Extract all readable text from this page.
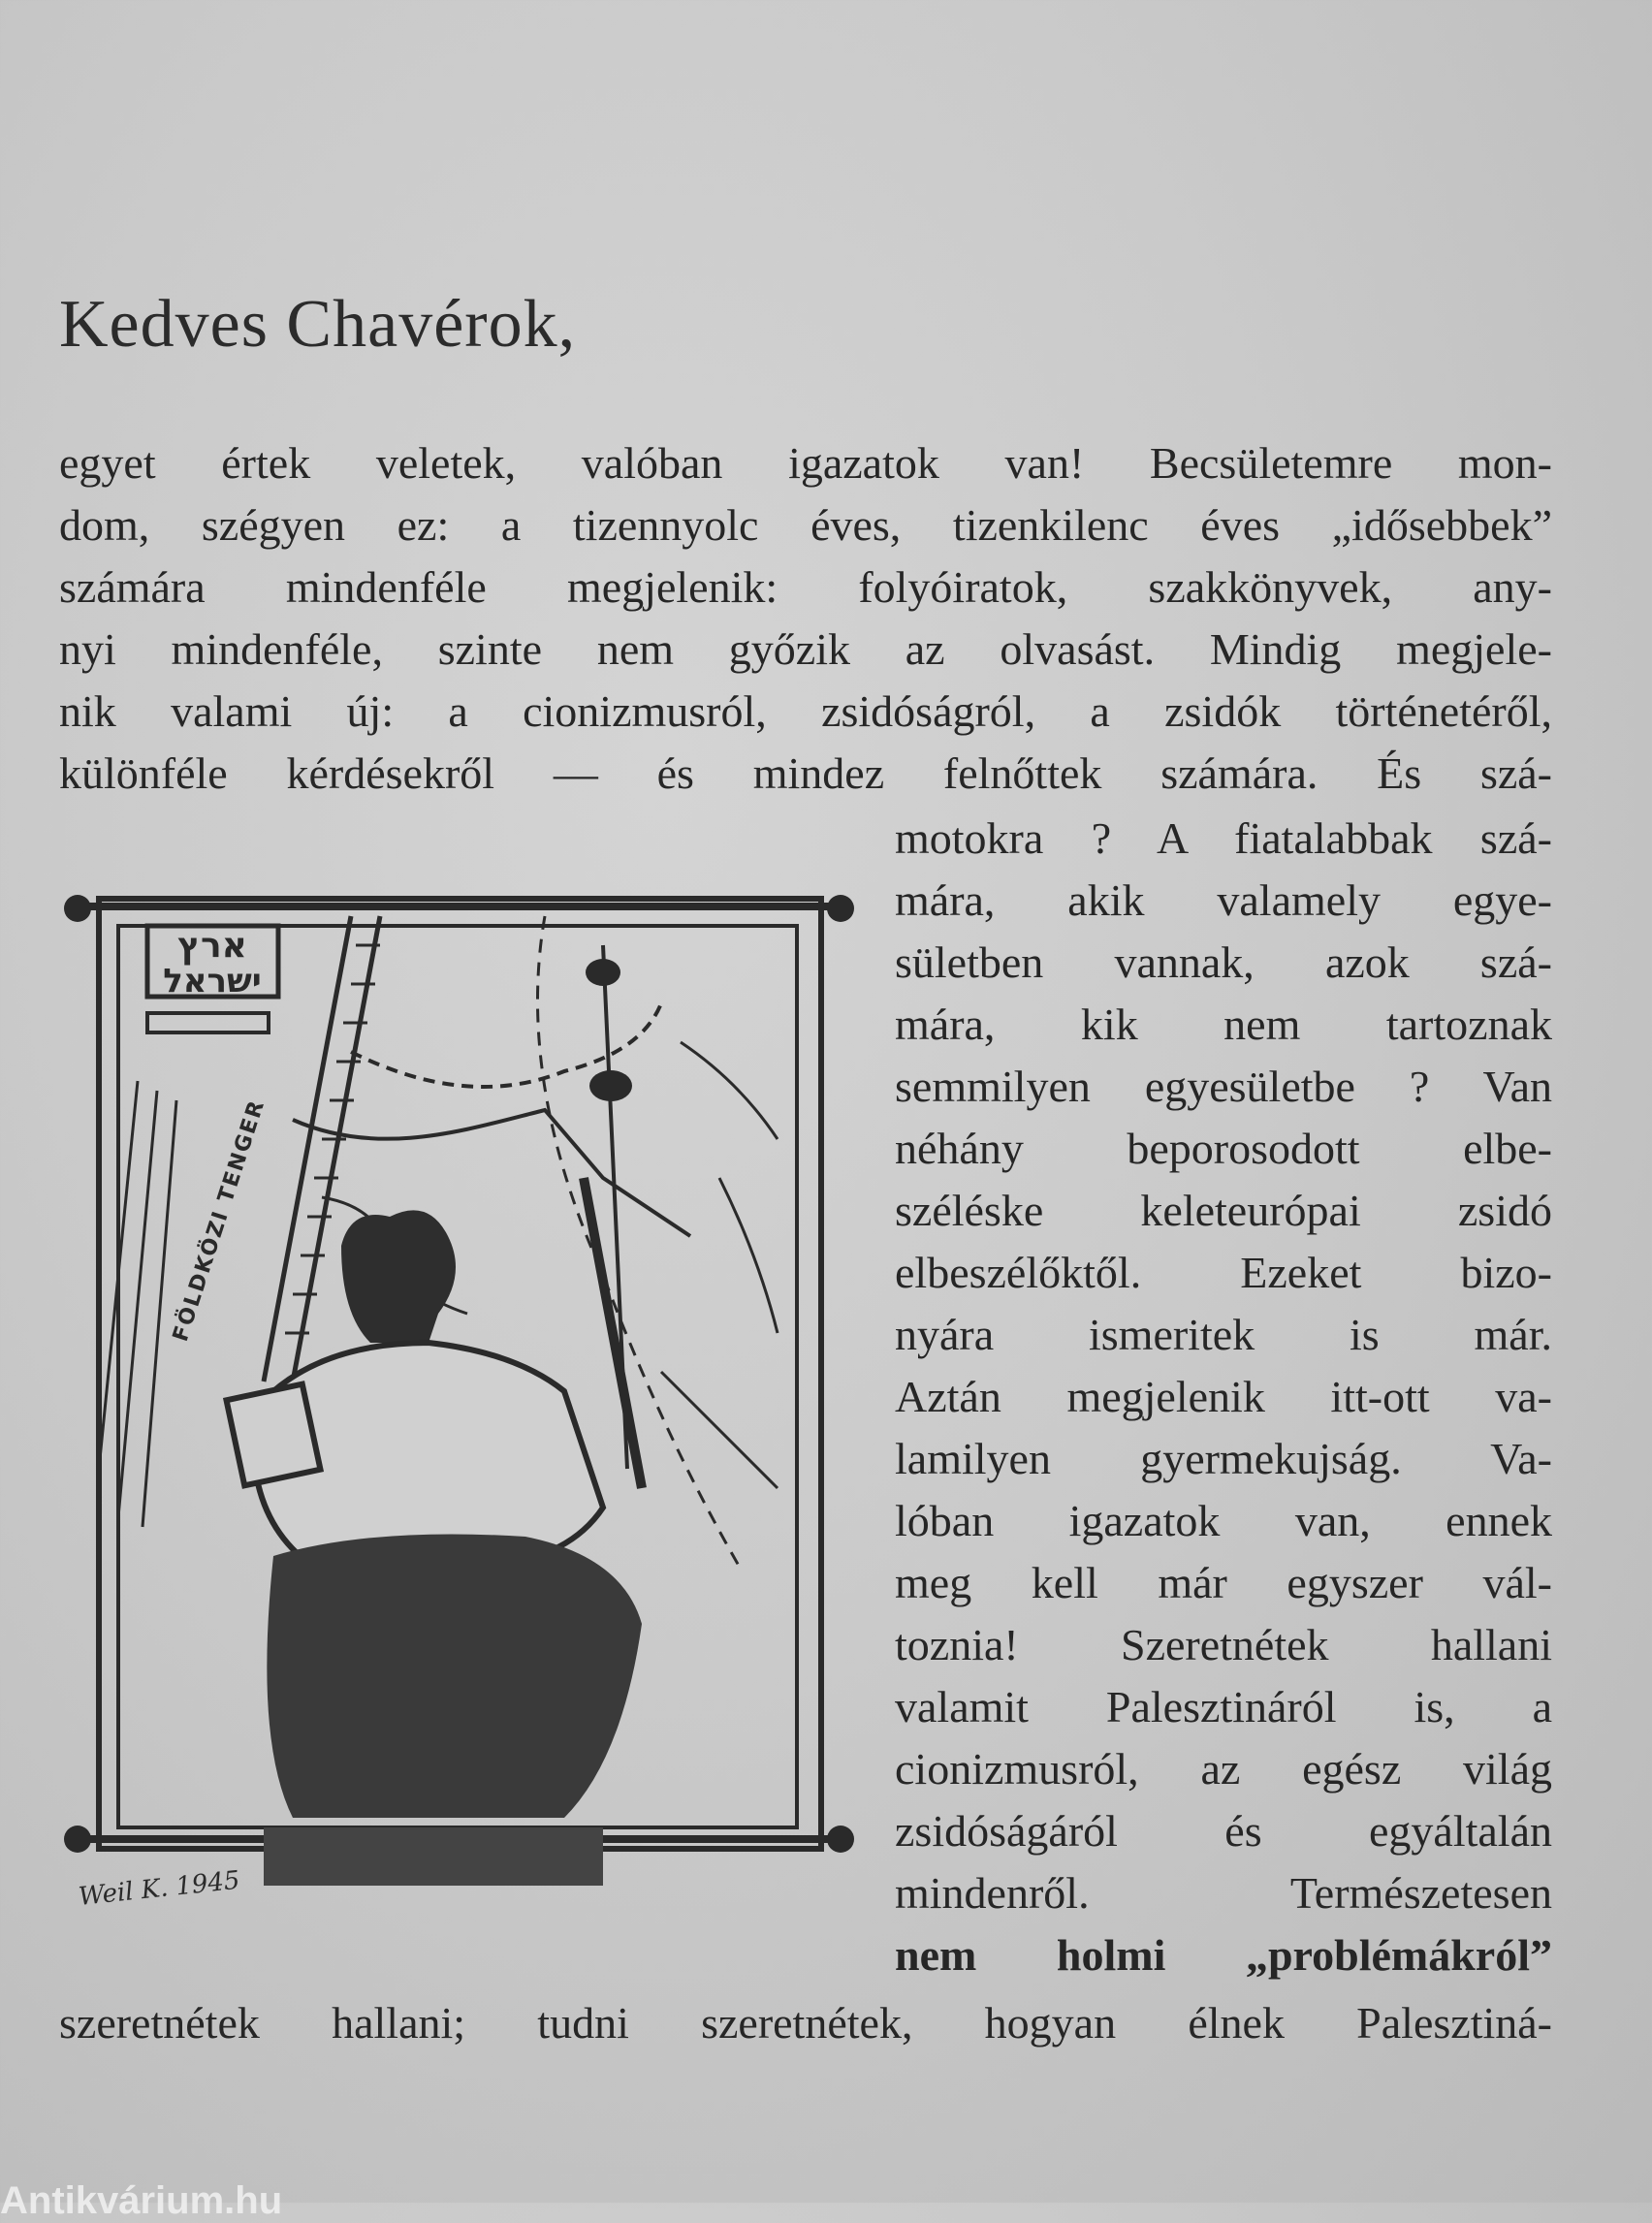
Kedves Chavérok,
egyet értek veletek, valóban igazatok van! Becsületemre mon-
dom, szégyen ez: a tizennyolc éves, tizenkilenc éves „idősebbek”
számára mindenféle megjelenik: folyóiratok, szakkönyvek, any-
nyi mindenféle, szinte nem győzik az olvasást. Mindig megjele-
nik valami új: a cionizmusról, zsidóságról, a zsidók történetéről,
különféle kérdésekről — és mindez felnőttek számára. És szá-
motokra ? A fiatalabbak szá-
mára, akik valamely egye-
sületben vannak, azok szá-
mára, kik nem tartoznak
semmilyen egyesületbe ? Van
néhány beporosodott elbe-
széléske keleteurópai zsidó
elbeszélőktől. Ezeket bizo-
nyára ismeritek is már.
Aztán megjelenik itt-ott va-
lamilyen gyermekujság. Va-
lóban igazatok van, ennek
meg kell már egyszer vál-
toznia! Szeretnétek hallani
valamit Palesztináról is, a
cionizmusról, az egész világ
zsidóságáról és egyáltalán
mindenről. Természetesen
nem holmi „problémákról”
szeretnétek hallani; tudni szeretnétek, hogyan élnek Palesztiná-
ארץ
ישראל
FÖLDKÖZI TENGER
Weil K. 1945
Antikvárium.hu
